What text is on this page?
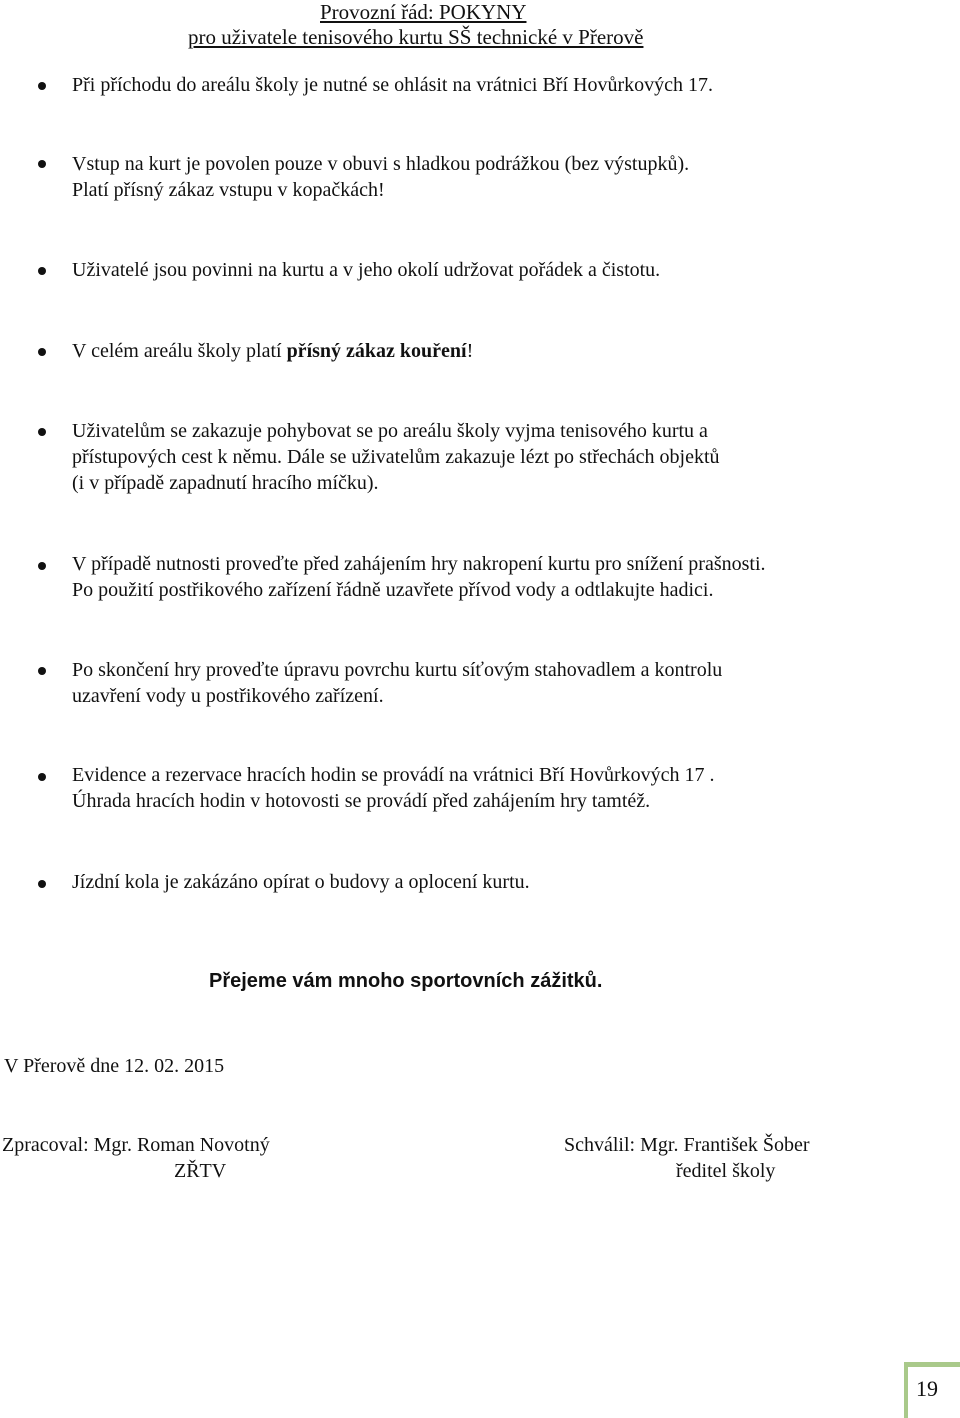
Provozní řád: POKYNY
pro uživatele tenisového kurtu SŠ technické v Přerově
Při příchodu do areálu školy je nutné se ohlásit na vrátnici Bří Hovůrkových 17.
Vstup na kurt je povolen pouze v obuvi s hladkou podrážkou (bez výstupků).
Platí přísný zákaz vstupu v kopačkách!
Uživatelé jsou povinni na kurtu a v jeho okolí udržovat pořádek a čistotu.
V celém areálu školy platí přísný zákaz kouření!
Uživatelům se zakazuje pohybovat se po areálu školy vyjma tenisového kurtu a
přístupových cest k němu. Dále se uživatelům zakazuje lézt po střechách objektů
(i v případě zapadnutí hracího míčku).
V případě nutnosti proveďte před zahájením hry nakropení kurtu pro snížení prašnosti.
Po použití postřikového zařízení řádně uzavřete přívod vody a odtlakujte hadici.
Po skončení hry proveďte úpravu povrchu kurtu síťovým stahovadlem a kontrolu
uzavření vody u postřikového zařízení.
Evidence a rezervace hracích hodin se provádí na vrátnici Bří Hovůrkových 17 .
Úhrada hracích hodin v hotovosti se provádí před zahájením hry tamtéž.
Jízdní kola je zakázáno opírat o budovy a oplocení kurtu.
Přejeme vám mnoho sportovních zážitků.
V Přerově dne 12. 02. 2015
Zpracoval: Mgr. Roman Novotný
ZŘTV
Schválil: Mgr. František Šober
ředitel školy
19
